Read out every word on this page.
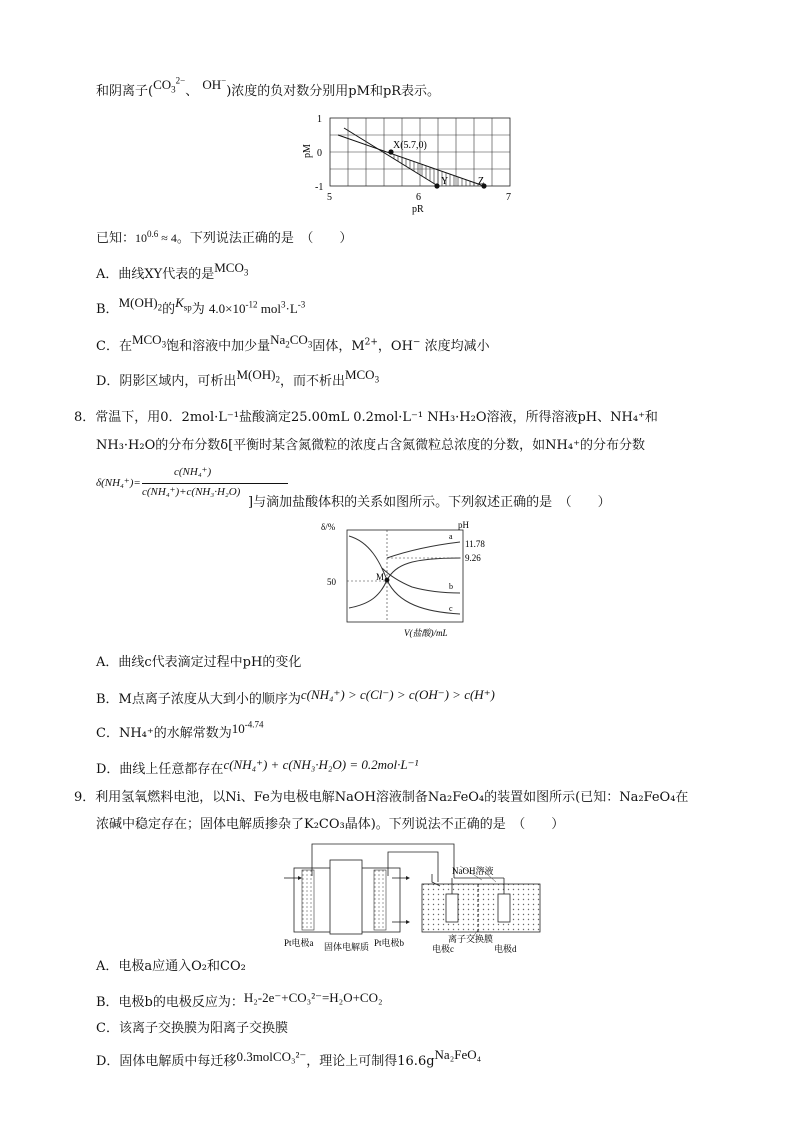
和阴离子($CO_3^{2-}$、 OH−)浓度的负对数分别用pM和pR表示。
X(5.7,0)
Y	Z
1
0
-1
pM
5	6	7
pR
已知：$10^{0.6} \approx 4$。下列说法正确的是　（　　）
A．曲线XY代表的是$MCO_3$
B．$M(OH)_2$的$K_{sp}$为 $4.0\times 10^{-12}$ $mol^3\cdot L^{-3}$
C．在$MCO_3$饱和溶液中加少量$Na_2CO_3$固体，$M^{2+}$，OH− 浓度均减小
D．阴影区域内，可析出$M(OH)_2$，而不析出$MCO_3$
8．常温下，用0．2mol·L⁻¹盐酸滴定25.00mL 0.2mol·L⁻¹ NH₃·H₂O溶液，所得溶液pH、NH₄⁺和
NH₃·H₂O的分布分数δ[平衡时某含氮微粒的浓度占含氮微粒总浓度的分数，如NH₄⁺的分布分数
δ(NH₄⁺)=
c(NH₄⁺)
c(NH₄⁺)+c(NH₃·H₂O)
]与滴加盐酸体积的关系如图所示。下列叙述正确的是　（　　）
δ/%
50
pH
11.78
9.26
M
a
b
c
V(盐酸)/mL
A．曲线c代表滴定过程中pH的变化
B．M点离子浓度从大到小的顺序为c(NH₄⁺) > c(Cl⁻) > c(OH⁻) > c(H⁺)
C．NH₄⁺的水解常数为$10^{-4.74}$
D．曲线上任意都存在c(NH₄⁺) + c(NH₃·H₂O) = 0.2mol·L⁻¹
9．利用氢氧燃料电池，以Ni、Fe为电极电解NaOH溶液制备Na₂FeO₄的装置如图所示(已知：Na₂FeO₄在
浓碱中稳定存在；固体电解质掺杂了K₂CO₃晶体)。下列说法不正确的是　（　　）
NaOH溶液
Pt电极a 固体电解质 Pt电极b	离子交换膜
电极c	电极d
A．电极a应通入O₂和CO₂
B．电极b的电极反应为：H₂-2e⁻+CO₃²⁻=H₂O+CO₂
C．该离子交换膜为阳离子交换膜
D．固体电解质中每迁移0.3molCO₃²⁻，理论上可制得16.6gNa₂FeO₄
